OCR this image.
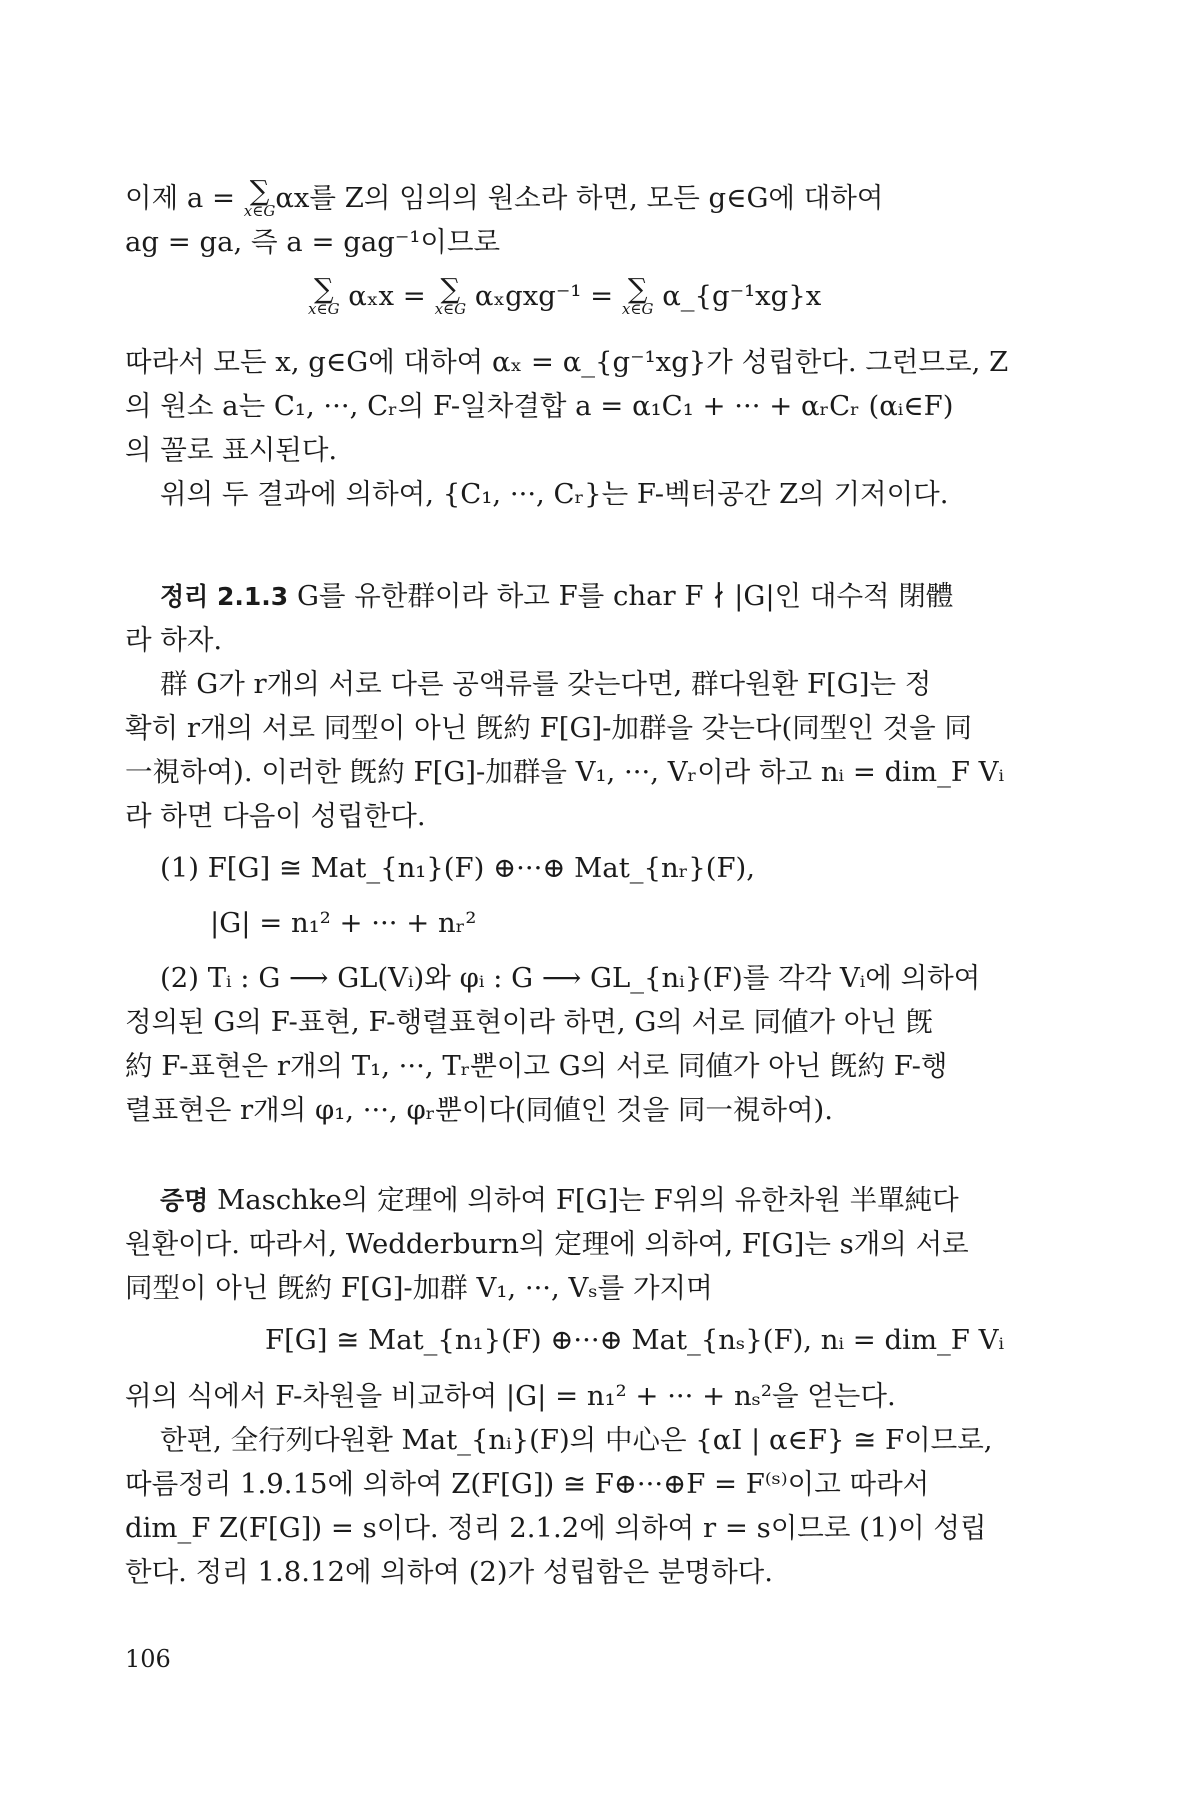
이제 a = ∑
x∈G αx를 Z의 임의의 원소라 하면, 모든 g∈G에 대하여
ag = ga, 즉 a = gag⁻¹이므로
∑
x∈G αₓx = ∑
x∈G αₓgxg⁻¹ = ∑
x∈G α_{g⁻¹xg}x
따라서 모든 x, g∈G에 대하여 αₓ = α_{g⁻¹xg}가 성립한다. 그런므로, Z
의 원소 a는 C₁, ···, Cᵣ의 F-일차결합 a = α₁C₁ + ··· + αᵣCᵣ (αᵢ∈F)
의 꼴로 표시된다.
위의 두 결과에 의하여, {C₁, ···, Cᵣ}는 F-벡터공간 Z의 기저이다.
정리 2.1.3 G를 유한群이라 하고 F를 char F ∤ |G|인 대수적 閉體
라 하자.
群 G가 r개의 서로 다른 공액류를 갖는다면, 群다원환 F[G]는 정
확히 r개의 서로 同型이 아닌 旣約 F[G]-加群을 갖는다(同型인 것을 同
一視하여). 이러한 旣約 F[G]-加群을 V₁, ···, Vᵣ이라 하고 nᵢ = dim_F Vᵢ
라 하면 다음이 성립한다.
(1) F[G] ≅ Mat_{n₁}(F) ⊕···⊕ Mat_{nᵣ}(F),
|G| = n₁² + ··· + nᵣ²
(2) Tᵢ : G ⟶ GL(Vᵢ)와 φᵢ : G ⟶ GL_{nᵢ}(F)를 각각 Vᵢ에 의하여
정의된 G의 F-표현, F-행렬표현이라 하면, G의 서로 同値가 아닌 旣
約 F-표현은 r개의 T₁, ···, Tᵣ뿐이고 G의 서로 同値가 아닌 旣約 F-행
렬표현은 r개의 φ₁, ···, φᵣ뿐이다(同値인 것을 同一視하여).
증명 Maschke의 定理에 의하여 F[G]는 F위의 유한차원 半單純다
원환이다. 따라서, Wedderburn의 定理에 의하여, F[G]는 s개의 서로
同型이 아닌 旣約 F[G]-加群 V₁, ···, Vₛ를 가지며
F[G] ≅ Mat_{n₁}(F) ⊕···⊕ Mat_{nₛ}(F), nᵢ = dim_F Vᵢ
위의 식에서 F-차원을 비교하여 |G| = n₁² + ··· + nₛ²을 얻는다.
한편, 全行列다원환 Mat_{nᵢ}(F)의 中心은 {αI | α∈F} ≅ F이므로,
따름정리 1.9.15에 의하여 Z(F[G]) ≅ F⊕···⊕F = F⁽ˢ⁾이고 따라서
dim_F Z(F[G]) = s이다. 정리 2.1.2에 의하여 r = s이므로 (1)이 성립
한다. 정리 1.8.12에 의하여 (2)가 성립함은 분명하다.
106
